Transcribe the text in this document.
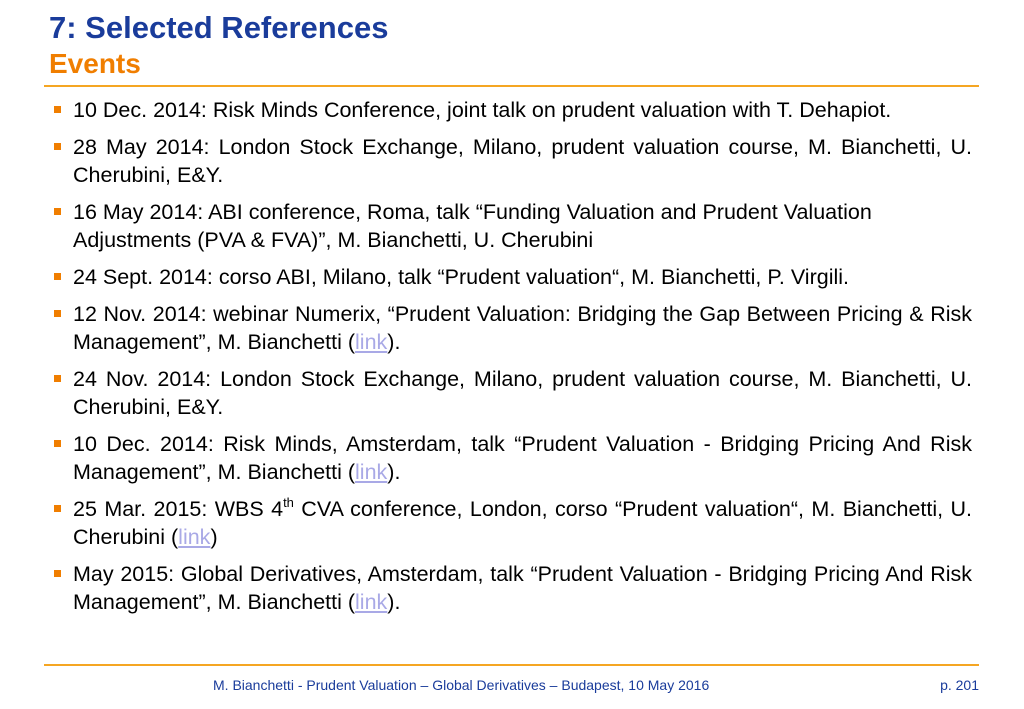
7: Selected References
Events
10 Dec. 2014: Risk Minds Conference, joint talk on prudent valuation with T. Dehapiot.
28 May 2014: London Stock Exchange, Milano, prudent valuation course, M. Bianchetti, U. Cherubini, E&Y.
16 May 2014: ABI conference, Roma, talk “Funding Valuation and Prudent Valuation Adjustments (PVA & FVA)”, M. Bianchetti, U. Cherubini
24 Sept. 2014: corso ABI, Milano, talk “Prudent valuation“, M. Bianchetti, P. Virgili.
12 Nov. 2014: webinar Numerix, “Prudent Valuation: Bridging the Gap Between Pricing & Risk Management”, M. Bianchetti (link).
24 Nov. 2014: London Stock Exchange, Milano, prudent valuation course, M. Bianchetti, U. Cherubini, E&Y.
10 Dec. 2014: Risk Minds, Amsterdam, talk “Prudent Valuation - Bridging Pricing And Risk Management”, M. Bianchetti (link).
25 Mar. 2015: WBS 4th CVA conference, London, corso “Prudent valuation“, M. Bianchetti, U. Cherubini (link)
May 2015: Global Derivatives, Amsterdam, talk “Prudent Valuation - Bridging Pricing And Risk Management”, M. Bianchetti (link).
M. Bianchetti - Prudent Valuation – Global Derivatives – Budapest, 10 May 2016	p. 201
